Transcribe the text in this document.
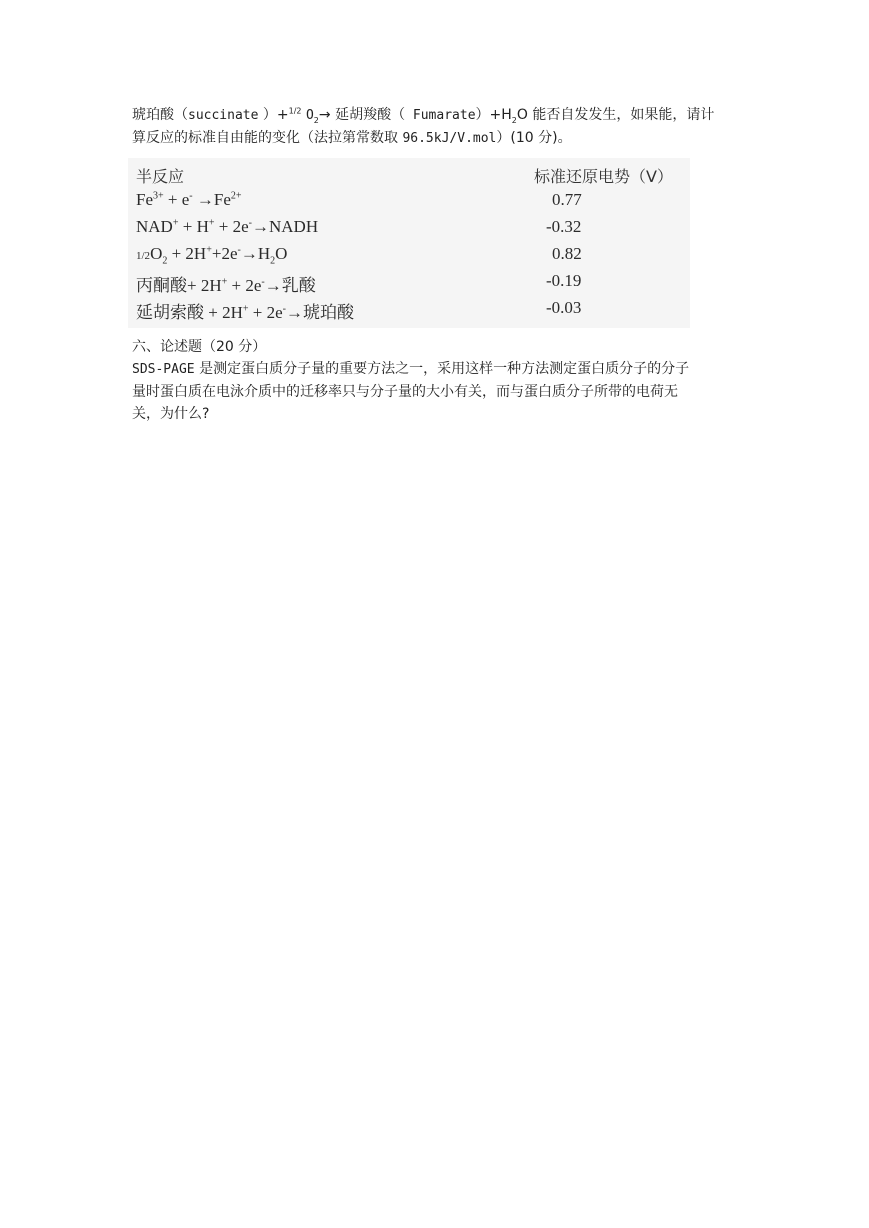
琥珀酸（succinate ）+$^{1/2}$ $O_2\to$ 延胡羧酸（ $Fumarate)+H_2O$ 能否自发发生，如果能，请计
算反应的标准自由能的变化（法拉第常数取 96.5kJ/V.mol）(10 分)。
半反应	标准还原电势（V）
$Fe^{3+} + e^- \to Fe^{2+}$	0.77
NAD+ + H+ + 2e-→NADH	-0.32
$1/2O_2 + 2H^++2e^-\to H_2O$	0.82
丙酮酸+ 2H+ + 2e-→乳酸	-0.19
延胡索酸 + 2H+ + 2e-→琥珀酸	-0.03
六、论述题（20 分）
SDS-PAGE 是测定蛋白质分子量的重要方法之一，采用这样一种方法测定蛋白质分子的分子
量时蛋白质在电泳介质中的迁移率只与分子量的大小有关，而与蛋白质分子所带的电荷无
关，为什么?
